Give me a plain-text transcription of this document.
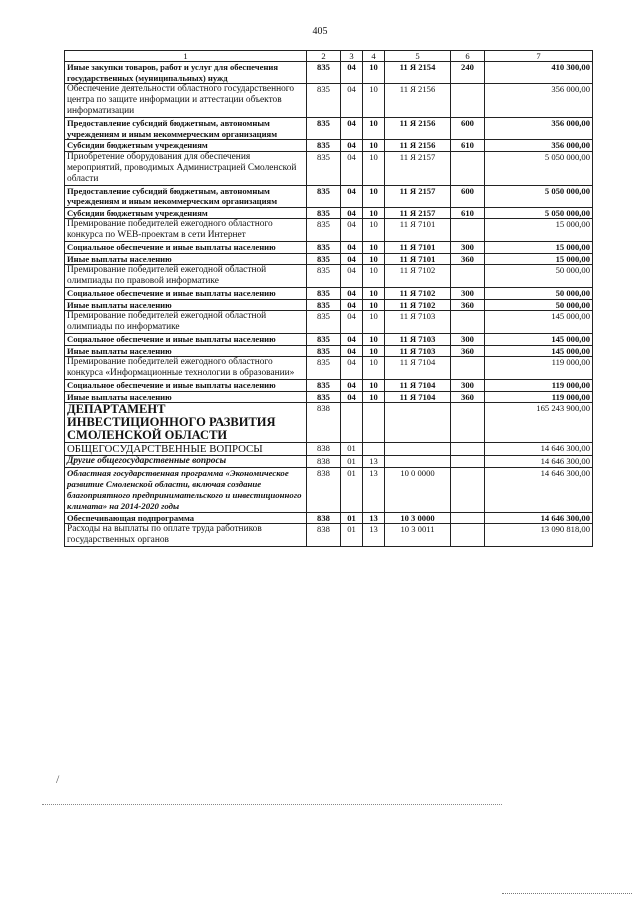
405
1	2	3	4	5	6	7
Иные закупки товаров, работ и услуг для обеспечения государственных (муниципальных) нужд	835	04	10	11 Я 2154	240	410 300,00
Обеспечение деятельности областного государственного центра по защите информации и аттестации объектов информатизации	835	04	10	11 Я 2156		356 000,00
Предоставление субсидий бюджетным, автономным учреждениям и иным некоммерческим организациям	835	04	10	11 Я 2156	600	356 000,00
Субсидии бюджетным учреждениям	835	04	10	11 Я 2156	610	356 000,00
Приобретение оборудования для обеспечения мероприятий, проводимых Администрацией Смоленской области	835	04	10	11 Я 2157		5 050 000,00
Предоставление субсидий бюджетным, автономным учреждениям и иным некоммерческим организациям	835	04	10	11 Я 2157	600	5 050 000,00
Субсидии бюджетным учреждениям	835	04	10	11 Я 2157	610	5 050 000,00
Премирование победителей ежегодного областного конкурса по WEB-проектам в сети Интернет	835	04	10	11 Я 7101		15 000,00
Социальное обеспечение и иные выплаты населению	835	04	10	11 Я 7101	300	15 000,00
Иные выплаты населению	835	04	10	11 Я 7101	360	15 000,00
Премирование победителей ежегодной областной олимпиады по правовой информатике	835	04	10	11 Я 7102		50 000,00
Социальное обеспечение и иные выплаты населению	835	04	10	11 Я 7102	300	50 000,00
Иные выплаты населению	835	04	10	11 Я 7102	360	50 000,00
Премирование победителей ежегодной областной олимпиады по информатике	835	04	10	11 Я 7103		145 000,00
Социальное обеспечение и иные выплаты населению	835	04	10	11 Я 7103	300	145 000,00
Иные выплаты населению	835	04	10	11 Я 7103	360	145 000,00
Премирование победителей ежегодного областного конкурса «Информационные технологии в образовании»	835	04	10	11 Я 7104		119 000,00
Социальное обеспечение и иные выплаты населению	835	04	10	11 Я 7104	300	119 000,00
Иные выплаты населению	835	04	10	11 Я 7104	360	119 000,00
ДЕПАРТАМЕНТ ИНВЕСТИЦИОННОГО РАЗВИТИЯ СМОЛЕНСКОЙ ОБЛАСТИ	838					165 243 900,00
ОБЩЕГОСУДАРСТВЕННЫЕ ВОПРОСЫ	838	01				14 646 300,00
Другие общегосударственные вопросы	838	01	13			14 646 300,00
Областная государственная программа «Экономическое развитие Смоленской области, включая создание благоприятного предпринимательского и инвестиционного климата» на 2014-2020 годы	838	01	13	10 0 0000		14 646 300,00
Обеспечивающая подпрограмма	838	01	13	10 3 0000		14 646 300,00
Расходы на выплаты по оплате труда работников государственных органов	838	01	13	10 3 0011		13 090 818,00
/
